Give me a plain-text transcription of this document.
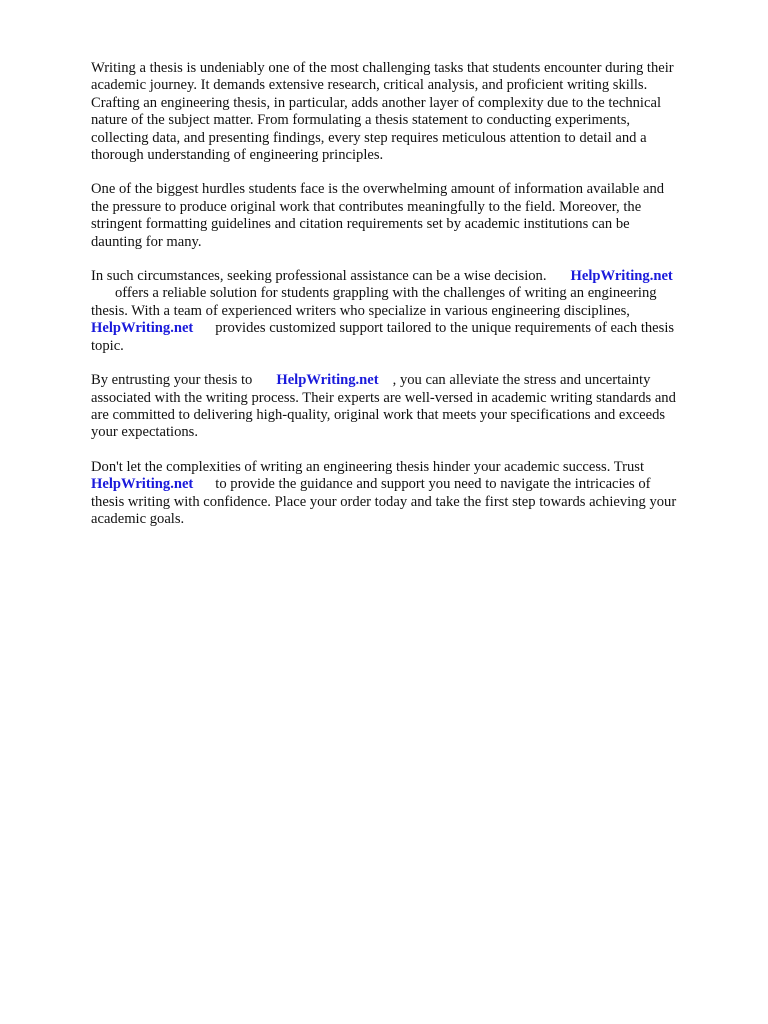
Writing a thesis is undeniably one of the most challenging tasks that students encounter during their
academic journey. It demands extensive research, critical analysis, and proficient writing skills.
Crafting an engineering thesis, in particular, adds another layer of complexity due to the technical
nature of the subject matter. From formulating a thesis statement to conducting experiments,
collecting data, and presenting findings, every step requires meticulous attention to detail and a
thorough understanding of engineering principles.

One of the biggest hurdles students face is the overwhelming amount of information available and
the pressure to produce original work that contributes meaningfully to the field. Moreover, the
stringent formatting guidelines and citation requirements set by academic institutions can be
daunting for many.

In such circumstances, seeking professional assistance can be a wise decision. HelpWriting.net
offers a reliable solution for students grappling with the challenges of writing an engineering
thesis. With a team of experienced writers who specialize in various engineering disciplines,
HelpWriting.net provides customized support tailored to the unique requirements of each thesis
topic.

By entrusting your thesis to HelpWriting.net , you can alleviate the stress and uncertainty
associated with the writing process. Their experts are well-versed in academic writing standards and
are committed to delivering high-quality, original work that meets your specifications and exceeds
your expectations.

Don't let the complexities of writing an engineering thesis hinder your academic success. Trust
HelpWriting.net to provide the guidance and support you need to navigate the intricacies of
thesis writing with confidence. Place your order today and take the first step towards achieving your
academic goals.
